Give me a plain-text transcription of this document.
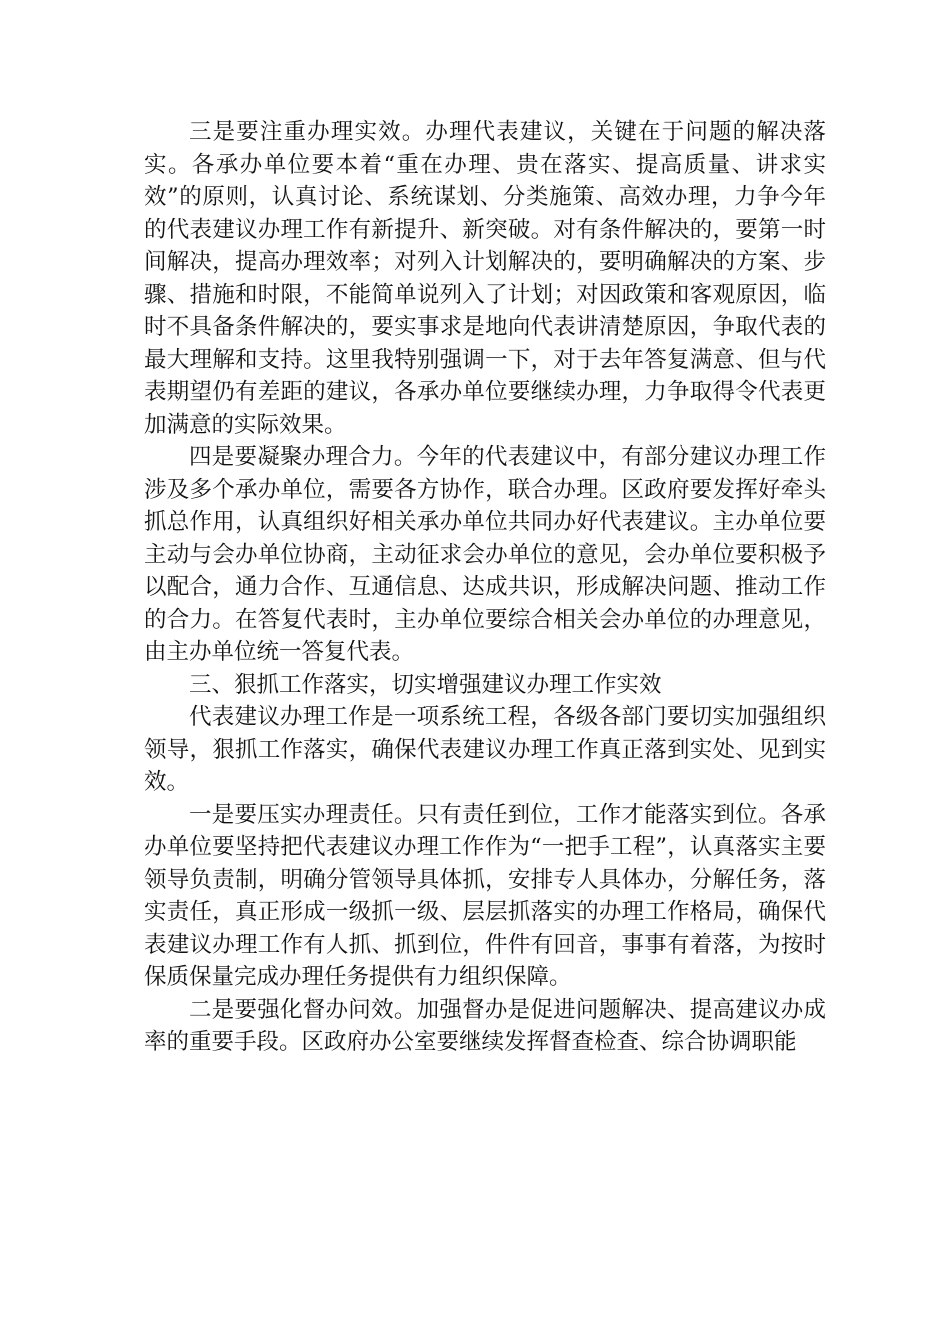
三是要注重办理实效。办理代表建议，关键在于问题的解决落实。各承办单位要本着“重在办理、贵在落实、提高质量、讲求实效”的原则，认真讨论、系统谋划、分类施策、高效办理，力争今年的代表建议办理工作有新提升、新突破。对有条件解决的，要第一时间解决，提高办理效率；对列入计划解决的，要明确解决的方案、步骤、措施和时限，不能简单说列入了计划；对因政策和客观原因，临时不具备条件解决的，要实事求是地向代表讲清楚原因，争取代表的最大理解和支持。这里我特别强调一下，对于去年答复满意、但与代表期望仍有差距的建议，各承办单位要继续办理，力争取得令代表更加满意的实际效果。

四是要凝聚办理合力。今年的代表建议中，有部分建议办理工作涉及多个承办单位，需要各方协作，联合办理。区政府要发挥好牵头抓总作用，认真组织好相关承办单位共同办好代表建议。主办单位要主动与会办单位协商，主动征求会办单位的意见，会办单位要积极予以配合，通力合作、互通信息、达成共识，形成解决问题、推动工作的合力。在答复代表时，主办单位要综合相关会办单位的办理意见，由主办单位统一答复代表。

三、狠抓工作落实，切实增强建议办理工作实效

代表建议办理工作是一项系统工程，各级各部门要切实加强组织领导，狠抓工作落实，确保代表建议办理工作真正落到实处、见到实效。

一是要压实办理责任。只有责任到位，工作才能落实到位。各承办单位要坚持把代表建议办理工作作为“一把手工程”，认真落实主要领导负责制，明确分管领导具体抓，安排专人具体办，分解任务，落实责任，真正形成一级抓一级、层层抓落实的办理工作格局，确保代表建议办理工作有人抓、抓到位，件件有回音，事事有着落，为按时保质保量完成办理任务提供有力组织保障。

二是要强化督办问效。加强督办是促进问题解决、提高建议办成率的重要手段。区政府办公室要继续发挥督查检查、综合协调职能
